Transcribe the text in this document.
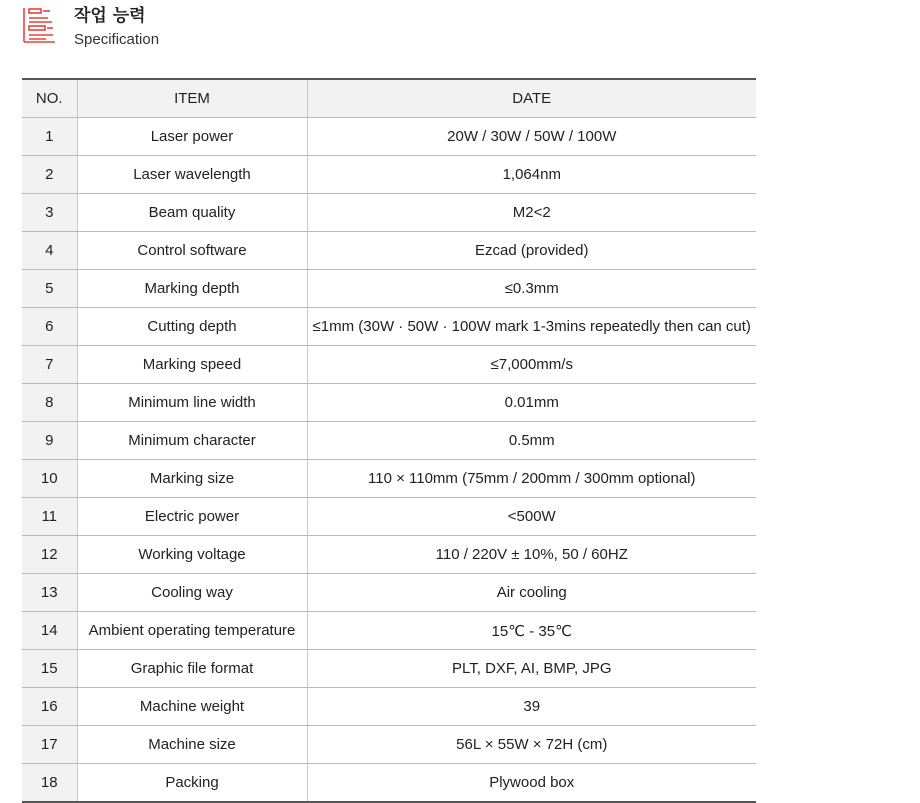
작업 능력
Specification
NO.	ITEM	DATE
1	Laser power	20W / 30W / 50W / 100W
2	Laser wavelength	1,064nm
3	Beam quality	M2<2
4	Control software	Ezcad (provided)
5	Marking depth	≤0.3mm
6	Cutting depth	≤1mm (30W · 50W · 100W mark 1-3mins repeatedly then can cut)
7	Marking speed	≤7,000mm/s
8	Minimum line width	0.01mm
9	Minimum character	0.5mm
10	Marking size	110 × 110mm (75mm / 200mm / 300mm optional)
11	Electric power	<500W
12	Working voltage	110 / 220V ± 10%, 50 / 60HZ
13	Cooling way	Air cooling
14	Ambient operating temperature	15℃ - 35℃
15	Graphic file format	PLT, DXF, AI, BMP, JPG
16	Machine weight	39
17	Machine size	56L × 55W × 72H (cm)
18	Packing	Plywood box
